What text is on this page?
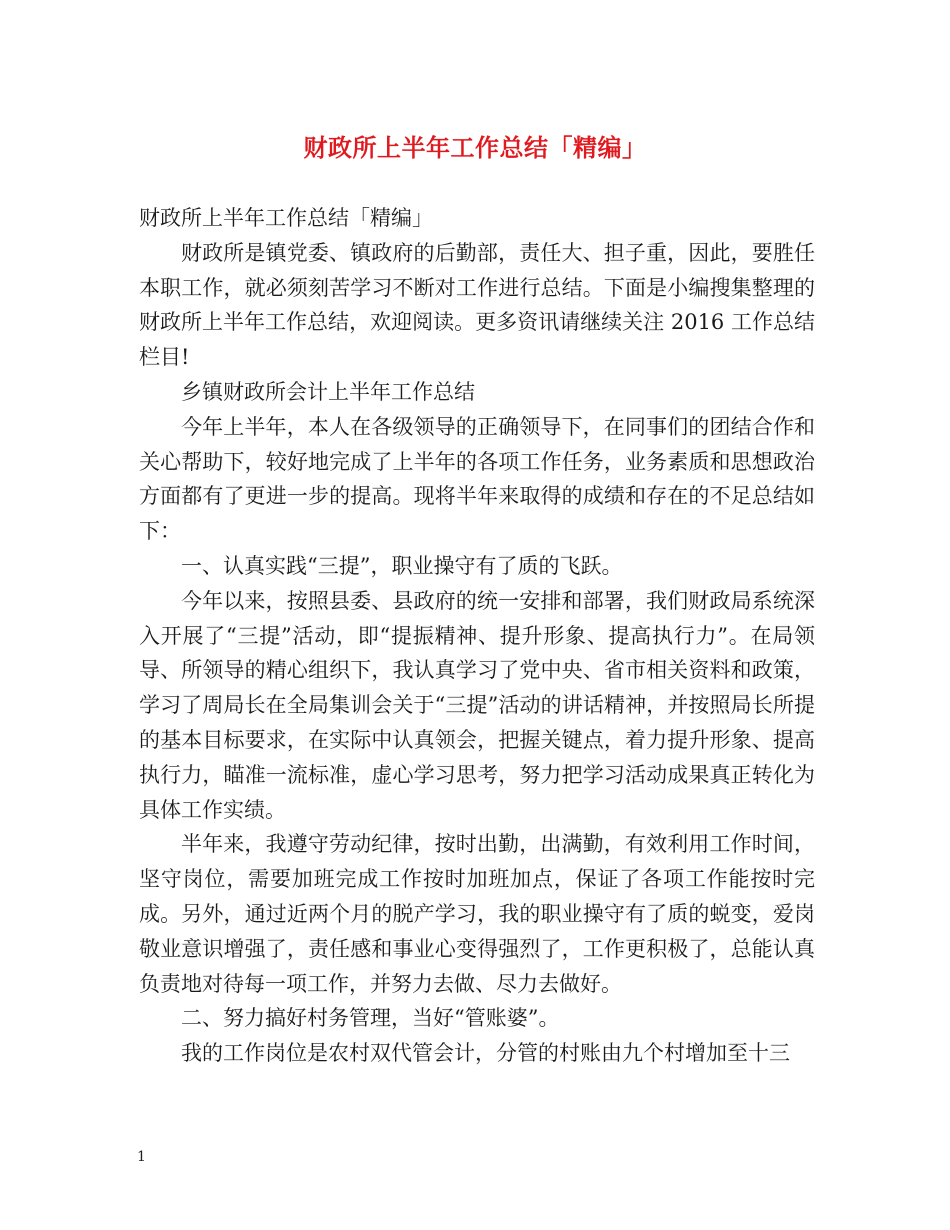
财政所上半年工作总结「精编」

财政所上半年工作总结「精编」

财政所是镇党委、镇政府的后勤部，责任大、担子重，因此，要胜任本职工作，就必须刻苦学习不断对工作进行总结。下面是小编搜集整理的财政所上半年工作总结，欢迎阅读。更多资讯请继续关注 2016 工作总结栏目!

乡镇财政所会计上半年工作总结

今年上半年，本人在各级领导的正确领导下，在同事们的团结合作和关心帮助下，较好地完成了上半年的各项工作任务，业务素质和思想政治方面都有了更进一步的提高。现将半年来取得的成绩和存在的不足总结如下：

一、认真实践“三提”，职业操守有了质的飞跃。

今年以来，按照县委、县政府的统一安排和部署，我们财政局系统深入开展了“三提”活动，即“提振精神、提升形象、提高执行力”。在局领导、所领导的精心组织下，我认真学习了党中央、省市相关资料和政策，学习了周局长在全局集训会关于“三提”活动的讲话精神，并按照局长所提的基本目标要求，在实际中认真领会，把握关键点，着力提升形象、提高执行力，瞄准一流标准，虚心学习思考，努力把学习活动成果真正转化为具体工作实绩。

半年来，我遵守劳动纪律，按时出勤，出满勤，有效利用工作时间，坚守岗位，需要加班完成工作按时加班加点，保证了各项工作能按时完成。另外，通过近两个月的脱产学习，我的职业操守有了质的蜕变，爱岗敬业意识增强了，责任感和事业心变得强烈了，工作更积极了，总能认真负责地对待每一项工作，并努力去做、尽力去做好。

二、努力搞好村务管理，当好“管账婆”。

我的工作岗位是农村双代管会计，分管的村账由九个村增加至十三

1
